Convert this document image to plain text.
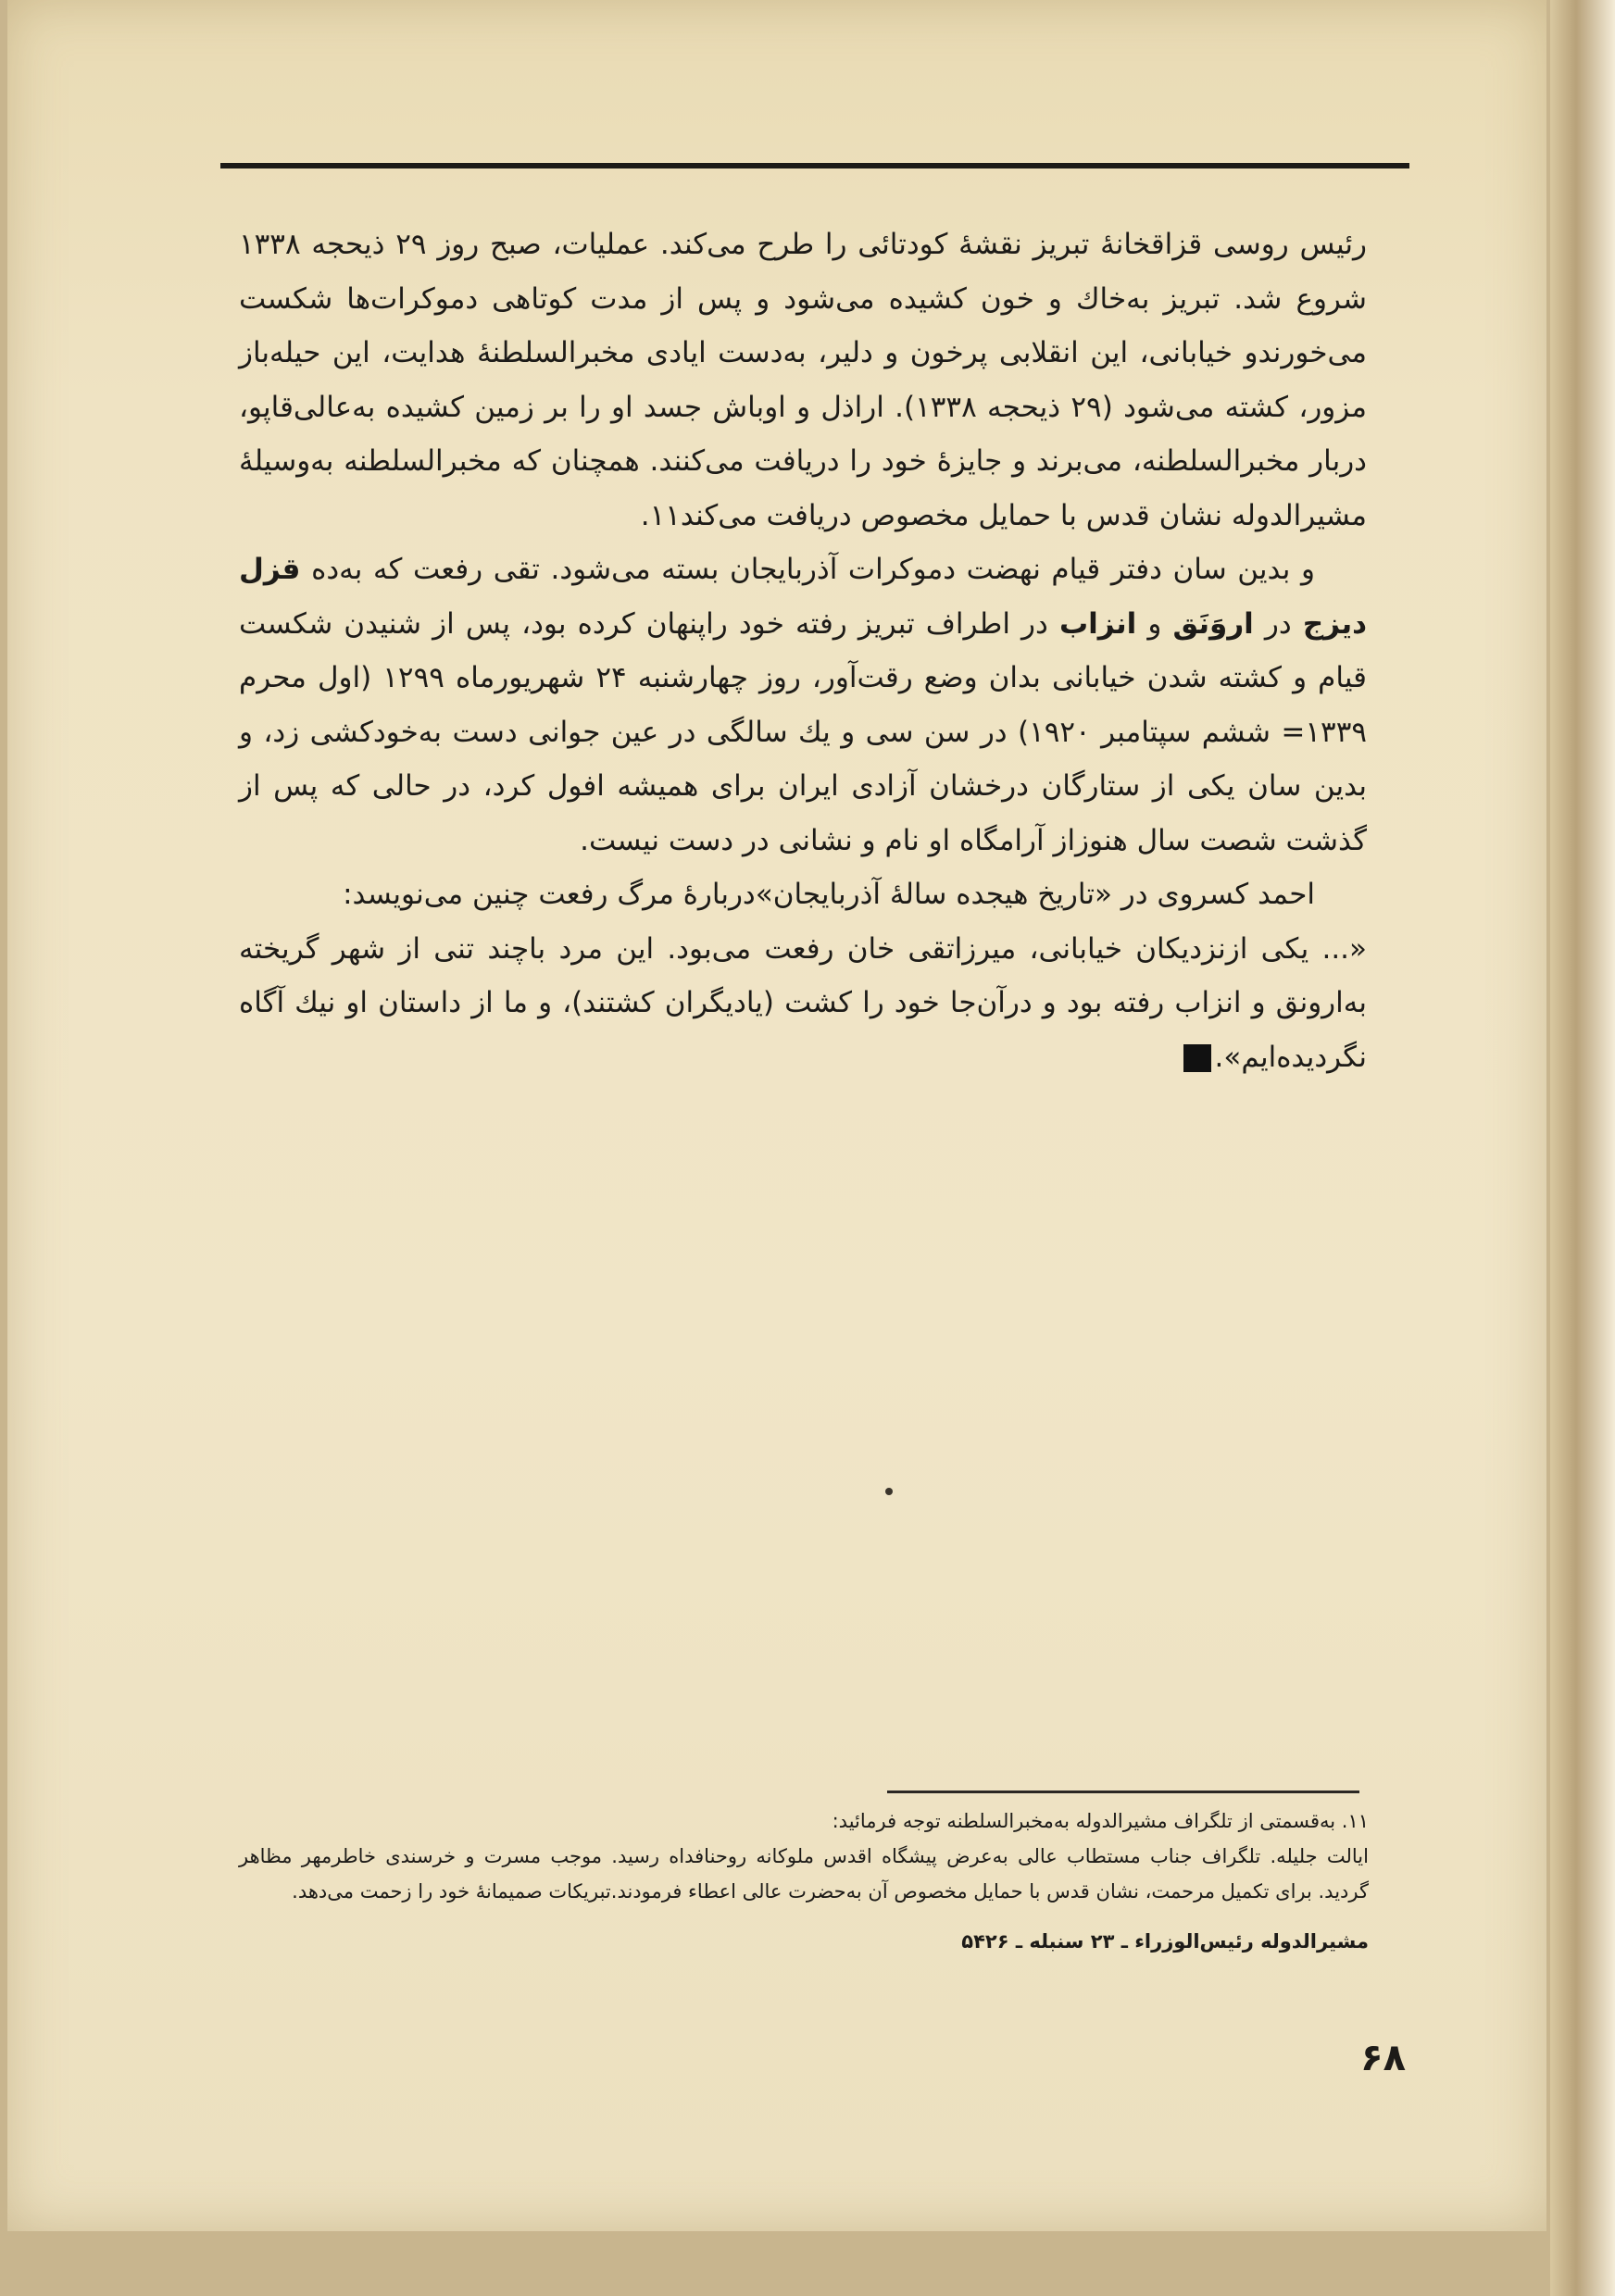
رئیس روسی قزاقخانهٔ تبریز نقشهٔ کودتائی را طرح می‌کند. عملیات، صبح روز ۲۹ ذیحجه ۱۳۳۸ شروع شد. تبریز به‌خاك و خون کشیده می‌شود و پس از مدت کوتاهی دموکرات‌ها شکست می‌خورندو خیابانی، این انقلابی پرخون و دلیر، به‌دست ایادی مخبرالسلطنهٔ هدایت، این حیله‌باز مزور، کشته می‌شود (۲۹ ذیحجه ۱۳۳۸). اراذل و اوباش جسد او را بر زمین کشیده به‌عالی‌قاپو، دربار مخبرالسلطنه، می‌برند و جایزهٔ خود را دریافت می‌کنند. همچنان که مخبرالسلطنه به‌وسیلهٔ مشیرالدوله نشان قدس با حمایل مخصوص دریافت می‌کند۱۱.

و بدین سان دفتر قیام نهضت دموکرات آذربایجان بسته می‌شود. تقی رفعت که به‌ده قزل دیزج در اروَنَق و انزاب در اطراف تبریز رفته خود راپنهان کرده بود، پس از شنیدن شکست قیام و کشته شدن خیابانی بدان وضع رقت‌آور، روز چهارشنبه ۲۴ شهریورماه ۱۲۹۹ (اول محرم ۱۳۳۹= ششم سپتامبر ۱۹۲۰) در سن سی و یك سالگی در عین جوانی دست به‌خودکشی زد، و بدین سان یکی از ستارگان درخشان آزادی ایران برای همیشه افول کرد، در حالی که پس از گذشت شصت سال هنوزاز آرامگاه او نام و نشانی در دست نیست.

احمد کسروی در «تاریخ هیجده سالهٔ آذربایجان»دربارهٔ مرگ رفعت چنین می‌نویسد:

«... یکی ازنزدیکان خیابانی، میرزاتقی خان رفعت می‌بود. این مرد باچند تنی از شهر گریخته به‌ارونق و انزاب رفته بود و درآن‌جا خود را کشت (یادیگران کشتند)، و ما از داستان او نیك آگاه نگردیده‌ایم».

۱۱. به‌قسمتی از تلگراف مشیرالدوله به‌مخبرالسلطنه توجه فرمائید:

ایالت جلیله. تلگراف جناب مستطاب عالی به‌عرض پیشگاه اقدس ملوکانه روحنافداه رسید. موجب مسرت و خرسندی خاطرمهر مظاهر گردید. برای تکمیل مرحمت، نشان قدس با حمایل مخصوص آن به‌حضرت عالی اعطاء فرمودند.تبریکات صمیمانهٔ خود را زحمت می‌دهد.

مشیرالدوله رئیس‌الوزراء ـ ۲۳ سنبله ـ ۵۴۲۶

۶۸
